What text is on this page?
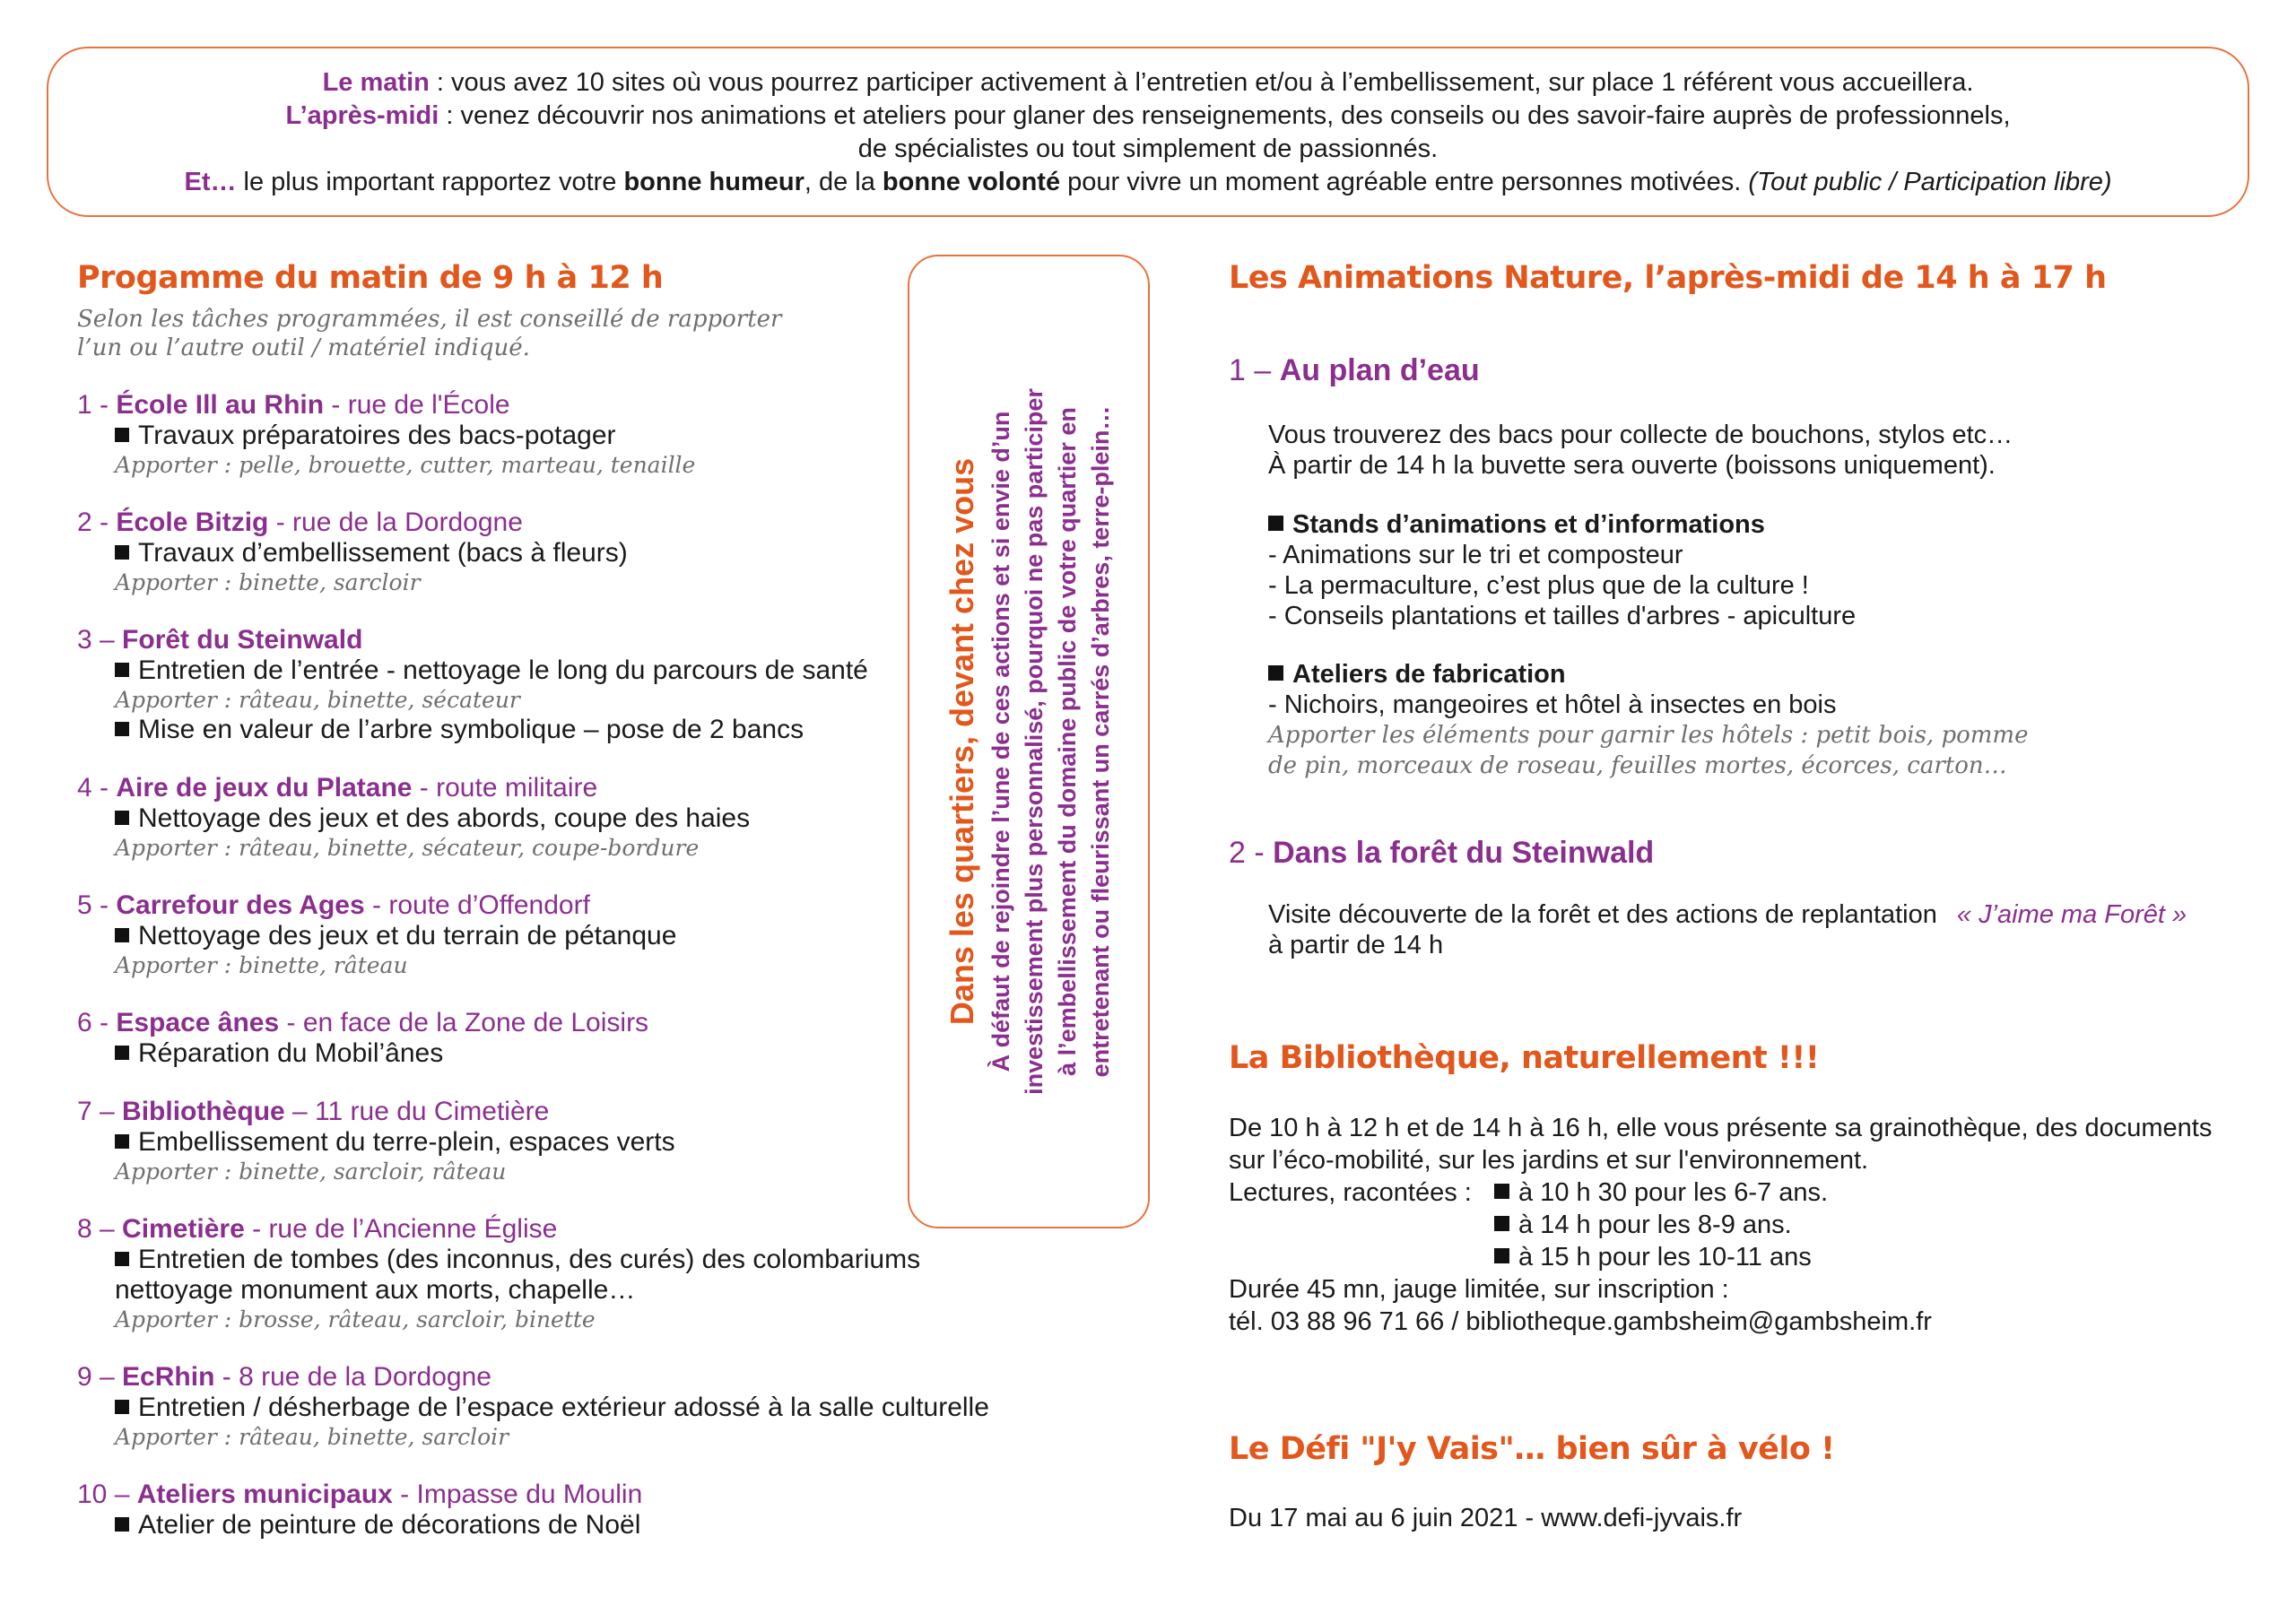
Le matin : vous avez 10 sites où vous pourrez participer activement à l’entretien et/ou à l’embellissement, sur place 1 référent vous accueillera.
L’après-midi : venez découvrir nos animations et ateliers pour glaner des renseignements, des conseils ou des savoir-faire auprès de professionnels,
de spécialistes ou tout simplement de passionnés.
Et… le plus important rapportez votre bonne humeur, de la bonne volonté pour vivre un moment agréable entre personnes motivées. (Tout public / Participation libre)
Progamme du matin de 9 h à 12 h
Selon les tâches programmées, il est conseillé de rapporter
l’un ou l’autre outil / matériel indiqué.
1 - École Ill au Rhin - rue de l'École
Travaux préparatoires des bacs-potager
Apporter : pelle, brouette, cutter, marteau, tenaille
2 - École Bitzig - rue de la Dordogne
Travaux d’embellissement (bacs à fleurs)
Apporter : binette, sarcloir
3 – Forêt du Steinwald
Entretien de l’entrée - nettoyage le long du parcours de santé
Apporter : râteau, binette, sécateur
Mise en valeur de l’arbre symbolique – pose de 2 bancs
4 - Aire de jeux du Platane - route militaire
Nettoyage des jeux et des abords, coupe des haies
Apporter : râteau, binette, sécateur, coupe-bordure
5 - Carrefour des Ages - route d’Offendorf
Nettoyage des jeux et du terrain de pétanque
Apporter : binette, râteau
6 - Espace ânes - en face de la Zone de Loisirs
Réparation du Mobil’ânes
7 – Bibliothèque – 11 rue du Cimetière
Embellissement du terre-plein, espaces verts
Apporter : binette, sarcloir, râteau
8 – Cimetière - rue de l’Ancienne Église
Entretien de tombes (des inconnus, des curés) des colombariums
nettoyage monument aux morts, chapelle…
Apporter : brosse, râteau, sarcloir, binette
9 – EcRhin - 8 rue de la Dordogne
Entretien / désherbage de l’espace extérieur adossé à la salle culturelle
Apporter : râteau, binette, sarcloir
10 – Ateliers municipaux - Impasse du Moulin
Atelier de peinture de décorations de Noël
Dans les quartiers, devant chez vous À défaut de rejoindre l’une de ces actions et si envie d’un investissement plus personnalisé, pourquoi ne pas participer à l’embellissement du domaine public de votre quartier en entretenant ou fleurissant un carrés d’arbres, terre-plein…
Les Animations Nature, l’après-midi de 14 h à 17 h
1 – Au plan d’eau
Vous trouverez des bacs pour collecte de bouchons, stylos etc…
À partir de 14 h la buvette sera ouverte (boissons uniquement).
Stands d’animations et d’informations
- Animations sur le tri et composteur
- La permaculture, c’est plus que de la culture !
- Conseils plantations et tailles d'arbres - apiculture
Ateliers de fabrication
- Nichoirs, mangeoires et hôtel à insectes en bois
Apporter les éléments pour garnir les hôtels : petit bois, pomme
de pin, morceaux de roseau, feuilles mortes, écorces, carton…
2 - Dans la forêt du Steinwald
Visite découverte de la forêt et des actions de replantation « J’aime ma Forêt »
à partir de 14 h
La Bibliothèque, naturellement !!!
De 10 h à 12 h et de 14 h à 16 h, elle vous présente sa grainothèque, des documents
sur l’éco-mobilité, sur les jardins et sur l'environnement.
Lectures, racontées :	à 10 h 30 pour les 6-7 ans.
à 14 h pour les 8-9 ans.
à 15 h pour les 10-11 ans
Durée 45 mn, jauge limitée, sur inscription :
tél. 03 88 96 71 66 / bibliotheque.gambsheim@gambsheim.fr
Le Défi "J'y Vais"… bien sûr à vélo !
Du 17 mai au 6 juin 2021 - www.defi-jyvais.fr
